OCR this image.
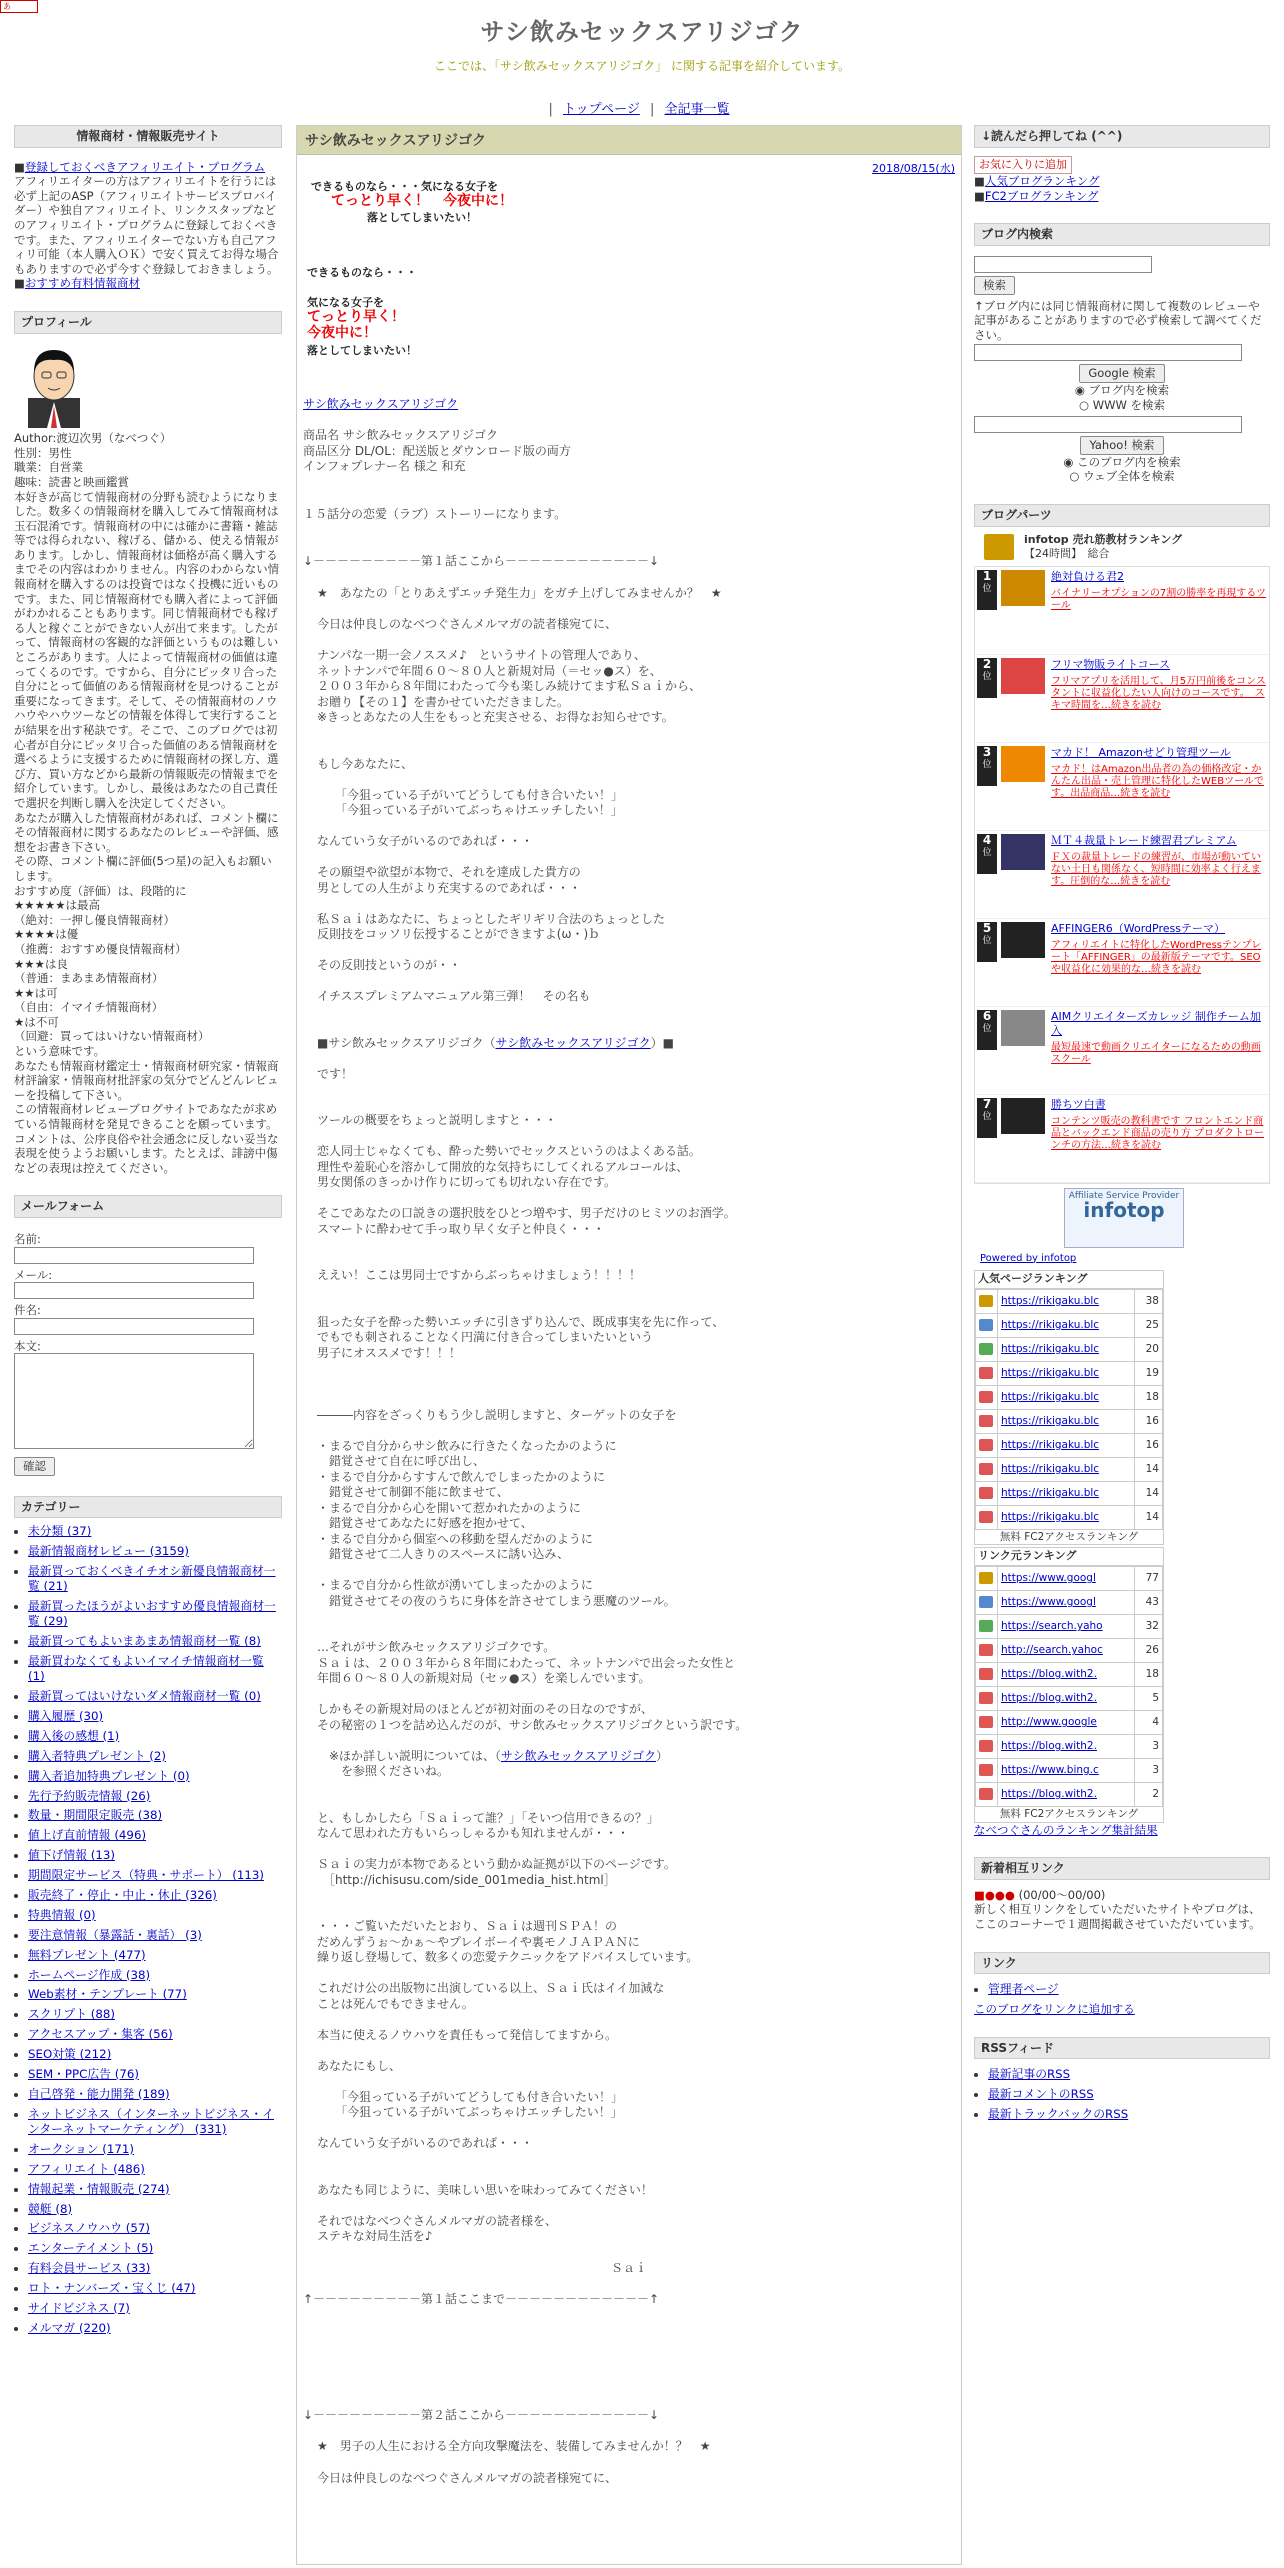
あ
サシ飲みセックスアリジゴク
ここでは、「サシ飲みセックスアリジゴク」 に関する記事を紹介しています。
| トップページ | 全記事一覧
情報商材・情報販売サイト
■登録しておくべきアフィリエイト・プログラム

アフィリエイターの方はアフィリエイトを行うには必ず上記のASP（アフィリエイトサービスプロバイダー）や独自アフィリエイト、リンクスタップなどのアフィリエイト・プログラムに登録しておくべきです。また、アフィリエイターでない方も自己アフィリ可能（本人購入ＯＫ）で安く買えてお得な場合もありますので必ず今すぐ登録しておきましょう。

■おすすめ有料情報商材
プロフィール
Author:渡辺次男（なべつぐ）
性別：男性
職業：自営業
趣味：読書と映画鑑賞
本好きが高じて情報商材の分野も読むようになりました。数多くの情報商材を購入してみて情報商材は玉石混淆です。情報商材の中には確かに書籍・雑誌等では得られない、稼げる、儲かる、使える情報があります。しかし、情報商材は価格が高く購入するまでその内容はわかりません。内容のわからない情報商材を購入するのは投資ではなく投機に近いものです。また、同じ情報商材でも購入者によって評価がわかれることもあります。同じ情報商材でも稼げる人と稼ぐことができない人が出て来ます。したがって、情報商材の客観的な評価というものは難しいところがあります。人によって情報商材の価値は違ってくるのです。ですから、自分にピッタリ合った自分にとって価値のある情報商材を見つけることが重要になってきます。そして、その情報商材のノウハウやハウツーなどの情報を体得して実行することが結果を出す秘訣です。そこで、このブログでは初心者が自分にピッタリ合った価値のある情報商材を選べるように支援するために情報商材の探し方、選び方、買い方などから最新の情報販売の情報までを紹介しています。しかし、最後はあなたの自己責任で選択を判断し購入を決定してください。
あなたが購入した情報商材があれば、コメント欄にその情報商材に関するあなたのレビューや評価、感想をお書き下さい。
その際、コメント欄に評価(5つ星)の記入もお願いします。
おすすめ度（評価）は、段階的に
★★★★★は最高
（絶対：一押し優良情報商材）
★★★★は優
（推薦：おすすめ優良情報商材）
★★★は良
（普通：まあまあ情報商材）
★★は可
（自由：イマイチ情報商材）
★は不可
（回避：買ってはいけない情報商材）
という意味です。
あなたも情報商材鑑定士・情報商材研究家・情報商材評論家・情報商材批評家の気分でどんどんレビューを投稿して下さい。
この情報商材レビューブログサイトであなたが求めている情報商材を発見できることを願っています。
コメントは、公序良俗や社会通念に反しない妥当な表現を使うようお願いします。たとえば、誹謗中傷などの表現は控えてください。
メールフォーム
名前:
メール:
件名:
本文:
確認
カテゴリー
• 未分類 (37)
• 最新情報商材レビュー (3159)
• 最新買っておくべきイチオシ新優良情報商材一覧 (21)
• 最新買ったほうがよいおすすめ優良情報商材一覧 (29)
• 最新買ってもよいまあまあ情報商材一覧 (8)
• 最新買わなくてもよいイマイチ情報商材一覧 (1)
• 最新買ってはいけないダメ情報商材一覧 (0)
• 購入履歴 (30)
• 購入後の感想 (1)
• 購入者特典プレゼント (2)
• 購入者追加特典プレゼント (0)
• 先行予約販売情報 (26)
• 数量・期間限定販売 (38)
• 値上げ直前情報 (496)
• 値下げ情報 (13)
• 期間限定サービス（特典・サポート） (113)
• 販売終了・停止・中止・休止 (326)
• 特典情報 (0)
• 要注意情報（暴露話・裏話） (3)
• 無料プレゼント (477)
• ホームページ作成 (38)
• Web素材・テンプレート (77)
• スクリプト (88)
• アクセスアップ・集客 (56)
• SEO対策 (212)
• SEM・PPC広告 (76)
• 自己啓発・能力開発 (189)
• ネットビジネス（インターネットビジネス・インターネットマーケティング） (331)
• オークション (171)
• アフィリエイト (486)
• 情報起業・情報販売 (274)
• 競艇 (8)
• ビジネスノウハウ (57)
• エンターテイメント (5)
• 有料会員サービス (33)
• ロト・ナンバーズ・宝くじ (47)
• サイドビジネス (7)
• メルマガ (220)
サシ飲みセックスアリジゴク
2018/08/15(水)
できるものなら・・・気になる女子を
てっとり早く！　今夜中に！
落としてしまいたい！
できるものなら・・・
気になる女子を
てっとり早く！
今夜中に！
落としてしまいたい！
サシ飲みセックスアリジゴク
商品名 サシ飲みセックスアリジゴク
商品区分 DL/OL：配送版とダウンロード版の両方
インフォプレナー名 様之 和充
１５話分の恋愛（ラブ）ストーリーになります。
↓－－－－－－－－－第１話ここから－－－－－－－－－－－－↓
★　あなたの「とりあえずエッチ発生力」をガチ上げしてみませんか？　★
今日は仲良しのなべつぐさんメルマガの読者様宛てに、
ナンパな一期一会ノススメ♪　というサイトの管理人であり、
ネットナンパで年間６０～８０人と新規対局（＝セッ●ス）を、
２００３年から８年間にわたって今も楽しみ続けてます私Ｓａｉから、
お贈り【その１】を書かせていただきました。
※きっとあなたの人生をもっと充実させる、お得なお知らせです。
もし今あなたに、
　　「今狙っている子がいてどうしても付き合いたい！」
　　「今狙っている子がいてぶっちゃけエッチしたい！」
なんていう女子がいるのであれば・・・
その願望や欲望が本物で、それを達成した貴方の
男としての人生がより充実するのであれば・・・
私Ｓａｉはあなたに、ちょっとしたギリギリ合法のちょっとした
反則技をコッソリ伝授することができますよ(ω・)ｂ
その反則技というのが・・
イチススプレミアムマニュアル第三弾！　その名も
■サシ飲みセックスアリジゴク（サシ飲みセックスアリジゴク）■
です！
ツールの概要をちょっと説明しますと・・・
恋人同士じゃなくても、酔った勢いでセックスというのはよくある話。
理性や羞恥心を溶かして開放的な気持ちにしてくれるアルコールは、
男女関係のきっかけ作りに切っても切れない存在です。
そこであなたの口説きの選択肢をひとつ増やす、男子だけのヒミツのお酒学。
スマートに酔わせて手っ取り早く女子と仲良く・・・
ええい！ここは男同士ですからぶっちゃけましょう！！！！
狙った女子を酔った勢いエッチに引きずり込んで、既成事実を先に作って、
でもでも刺されることなく円満に付き合ってしまいたいという
男子にオススメです！！！
―――内容をざっくりもう少し説明しますと、ターゲットの女子を
・まるで自分からサシ飲みに行きたくなったかのように
　錯覚させて自在に呼び出し、
・まるで自分からすすんで飲んでしまったかのように
　錯覚させて制御不能に飲ませて、
・まるで自分から心を開いて惹かれたかのように
　錯覚させてあなたに好感を抱かせて、
・まるで自分から個室への移動を望んだかのように
　錯覚させて二人きりのスペースに誘い込み、
・まるで自分から性欲が湧いてしまったかのように
　錯覚させてその夜のうちに身体を許させてしまう悪魔のツール。
…それがサシ飲みセックスアリジゴクです。
Ｓａｉは、２００３年から８年間にわたって、ネットナンパで出会った女性と
年間６０～８０人の新規対局（セッ●ス）を楽しんでいます。
しかもその新規対局のほとんどが初対面のその日なのですが、
その秘密の１つを詰め込んだのが、サシ飲みセックスアリジゴクという訳です。
　※ほか詳しい説明については、（サシ飲みセックスアリジゴク）
　　を参照くださいね。
と、もしかしたら「Ｓａｉって誰？」「そいつ信用できるの？」
なんて思われた方もいらっしゃるかも知れませんが・・・
Ｓａｉの実力が本物であるという動かぬ証拠が以下のページです。
　［http://ichisusu.com/side_001media_hist.html］
・・・ご覧いただいたとおり、Ｓａｉは週刊ＳＰＡ！の
だめんずうぉ～かぁ～やプレイボーイや裏モノＪＡＰＡＮに
繰り返し登場して、数多くの恋愛テクニックをアドバイスしています。
これだけ公の出版物に出演している以上、Ｓａｉ氏はイイ加減な
ことは死んでもできません。
本当に使えるノウハウを責任もって発信してますから。
あなたにもし、
　　「今狙っている子がいてどうしても付き合いたい！」
　　「今狙っている子がいてぶっちゃけエッチしたい！」
なんていう女子がいるのであれば・・・
あなたも同じように、美味しい思いを味わってみてください！
それではなべつぐさんメルマガの読者様を、
ステキな対局生活を♪
Ｓａｉ
↑－－－－－－－－－第１話ここまで－－－－－－－－－－－－↑
↓－－－－－－－－－第２話ここから－－－－－－－－－－－－↓
★　男子の人生における全方向攻撃魔法を、装備してみませんか！？　★
今日は仲良しのなべつぐさんメルマガの読者様宛てに、
↓読んだら押してね (^^)
お気に入りに追加
■人気ブログランキング
■FC2ブログランキング
ブログ内検索

検索

↑ブログ内には同じ情報商材に関して複数のレビューや記事があることがありますので必ず検索して調べてください。

Google 検索
◉ ブログ内を検索
○ WWW を検索
Yahoo! 検索
◉ このブログ内を検索
○ ウェブ全体を検索
ブログパーツ
infotop 売れ筋教材ランキング
【24時間】　総合
1
位
絶対負ける君2
バイナリーオプションの7割の勝率を再現するツール
2
位
フリマ物販ライトコース
フリマアプリを活用して、月5万円前後をコンスタントに収益化したい人向けのコースです。　スキマ時間を…続きを読む
3
位
マカド！ Amazonせどり管理ツール
マカド！はAmazon出品者の為の価格改定・かんたん出品・売上管理に特化したWEBツールです。出品商品…続きを読む
4
位
ＭＴ４裁量トレード練習君プレミアム
ＦＸの裁量トレードの練習が、市場が動いていない土日も関係なく、短時間に効率よく行えます。圧倒的な…続きを読む
5
位
AFFINGER6（WordPressテーマ）
アフィリエイトに特化したWordPressテンプレート「AFFINGER」の最新版テーマです。SEOや収益化に効果的な…続きを読む
6
位
AIMクリエイターズカレッジ 制作チーム加入
最短最速で動画クリエイターになるための動画スクール
7
位
勝ちツ白書
コンテンツ販売の教科書です フロントエンド商品とバックエンド商品の売り方 プロダクトローンチの方法…続きを読む
Affiliate Service Provider
infotop
Powered by infotop
人気ページランキング
	https://rikigaku.blc	38
	https://rikigaku.blc	25
	https://rikigaku.blc	20
	https://rikigaku.blc	19
	https://rikigaku.blc	18
	https://rikigaku.blc	16
	https://rikigaku.blc	16
	https://rikigaku.blc	14
	https://rikigaku.blc	14
	https://rikigaku.blc	14
無料 FC2アクセスランキング
リンク元ランキング
	https://www.googl	77
	https://www.googl	43
	https://search.yaho	32
	http://search.yahoc	26
	https://blog.with2.	18
	https://blog.with2.	5
	http://www.google	4
	https://blog.with2.	3
	https://www.bing.c	3
	https://blog.with2.	2
無料 FC2アクセスランキング
なべつぐさんのランキング集計結果
新着相互リンク
■●●● (00/00～00/00)

新しく相互リンクをしていただいたサイトやブログは、ここのコーナーで１週間掲載させていただいています。

リンク
• 管理者ページ
このブログをリンクに追加する
RSSフィード
• 最新記事のRSS
• 最新コメントのRSS
• 最新トラックバックのRSS
